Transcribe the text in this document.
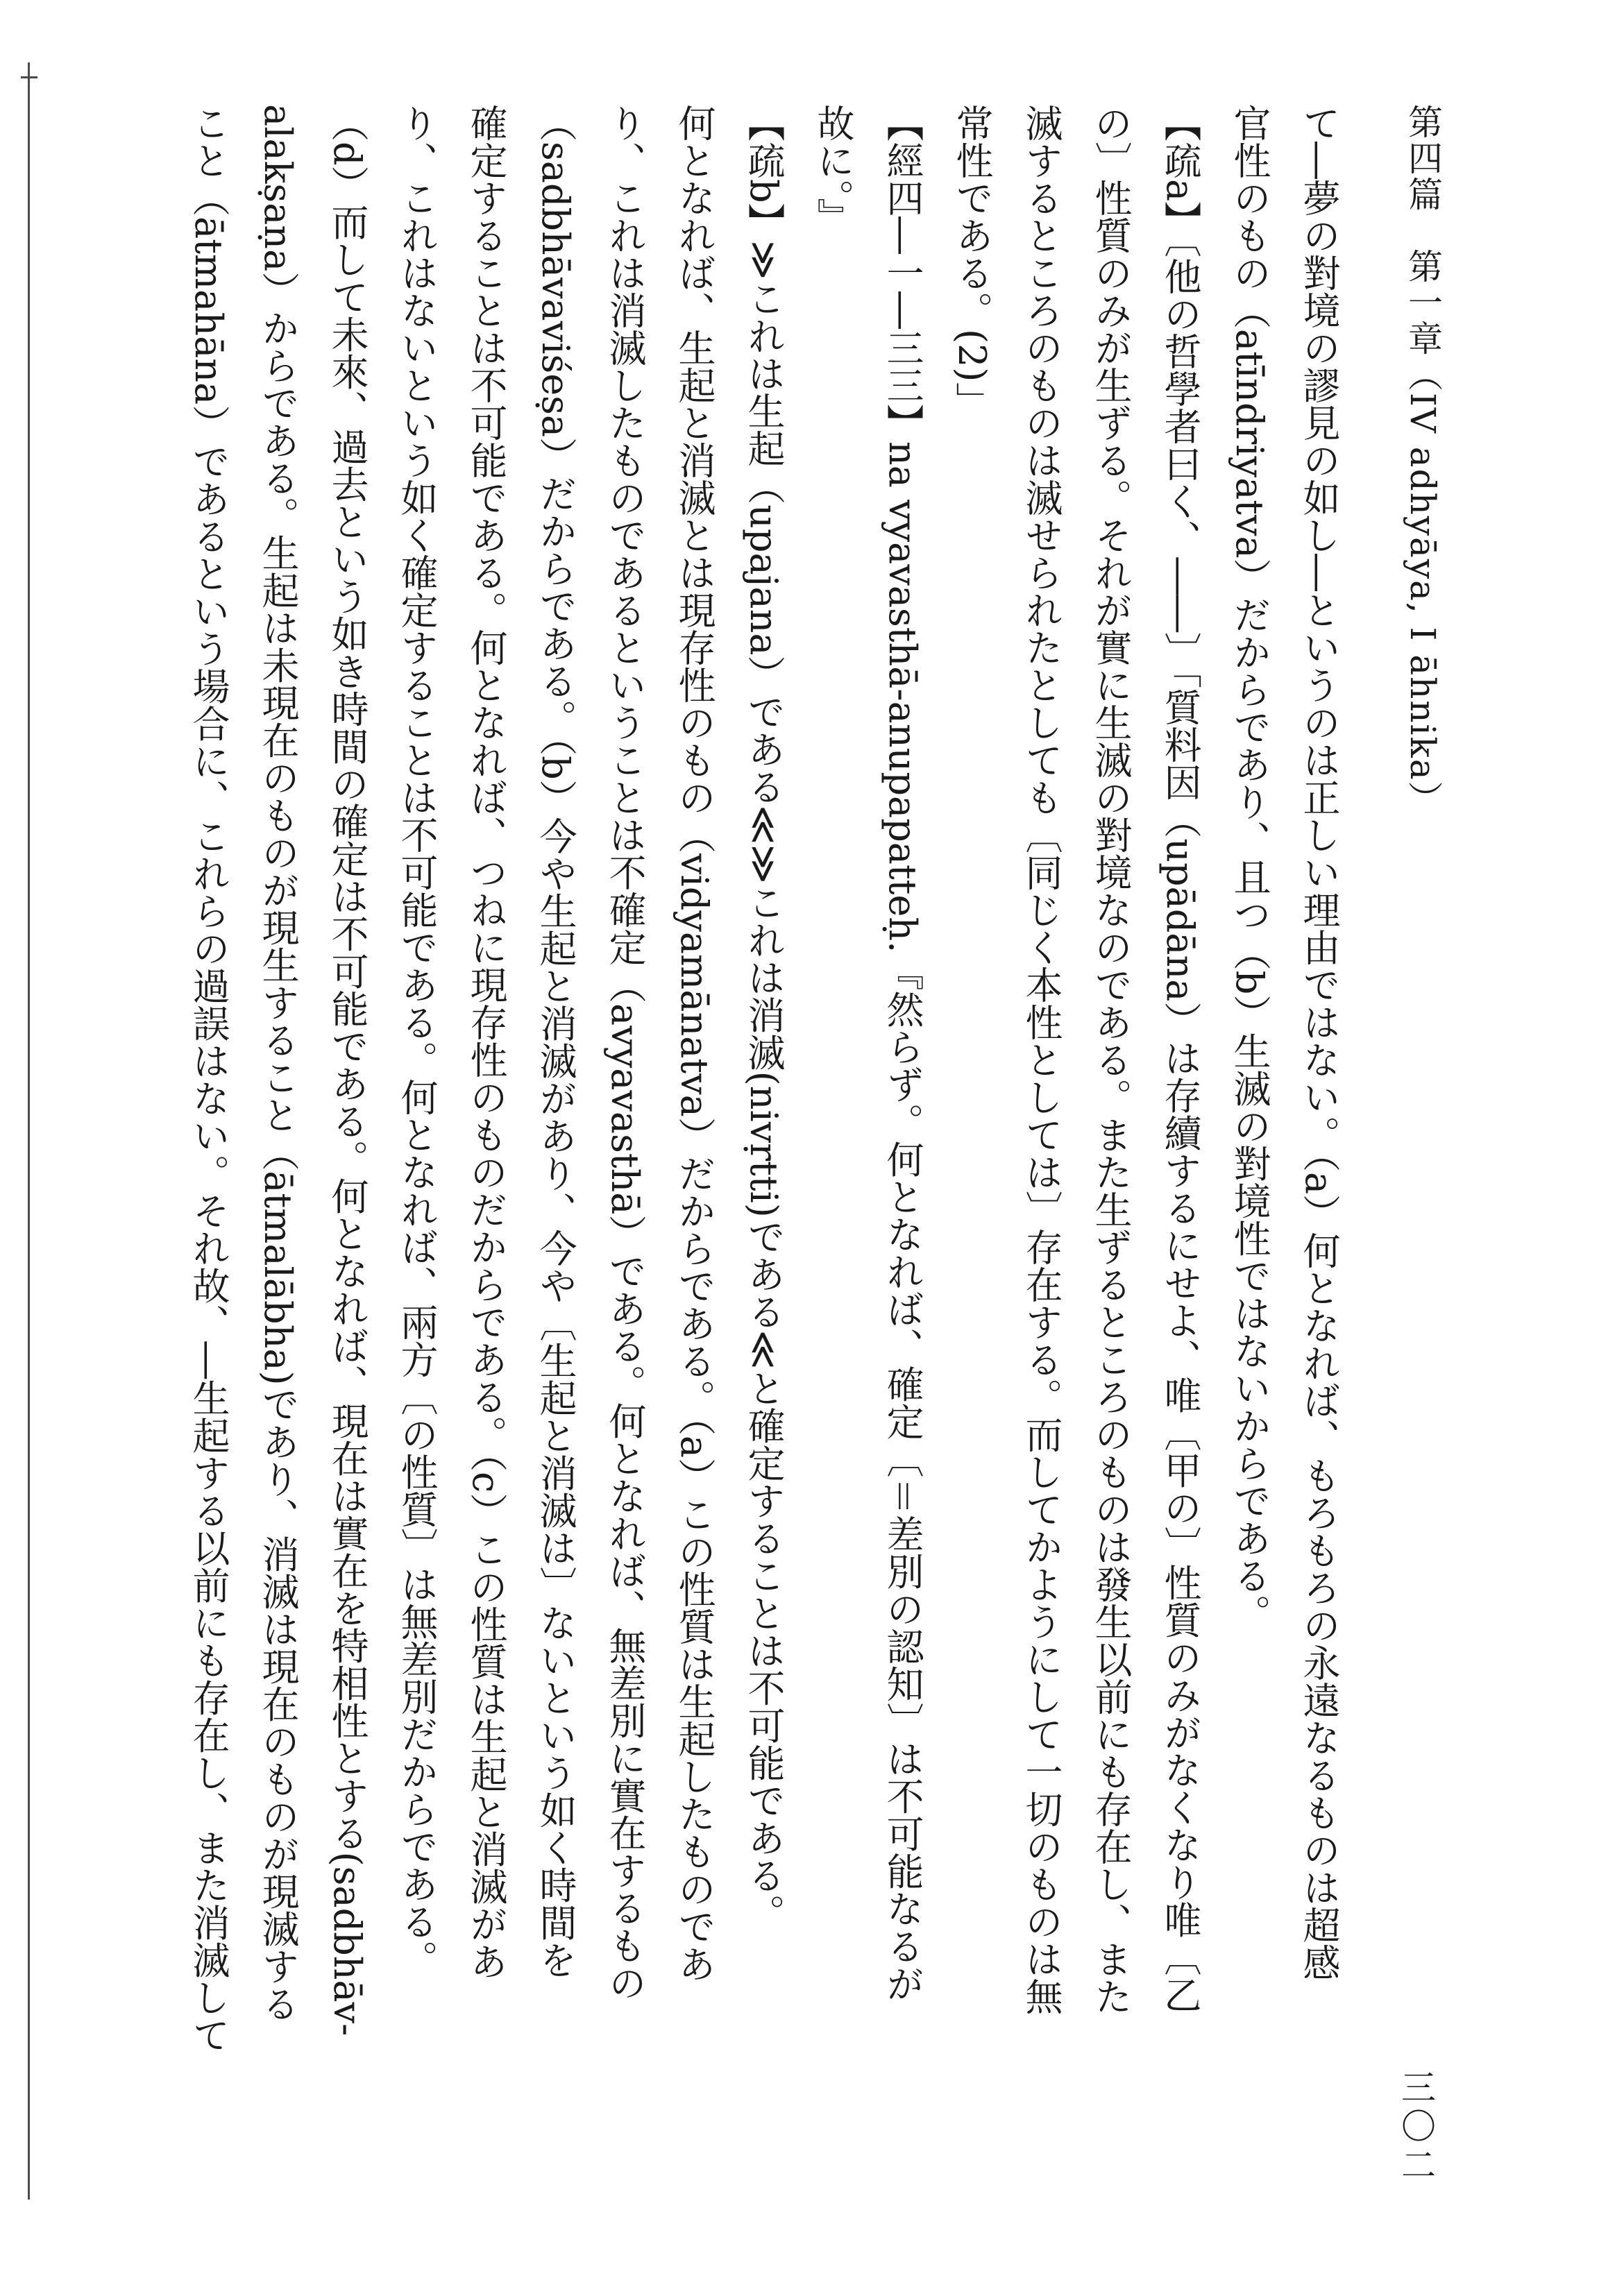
第四篇　第一章（IV adhyāya, I āhnika）
三〇二

て―夢の對境の謬見の如し―というのは正しい理由ではない。（a）何となれば、もろもろの永遠なるものは超感
官性のもの（atīndriyatva）だからであり、且つ（b）生滅の對境性ではないからである。
【疏a】〔他の哲學者曰く、――〕「質料因（upādāna）は存續するにせよ、唯〔甲の〕性質のみがなくなり唯〔乙
の〕性質のみが生ずる。それが實に生滅の對境なのである。また生ずるところのものは發生以前にも存在し、また
滅するところのものは滅せられたとしても〔同じく本性としては〕存在する。而してかようにして一切のものは無
常性である。(2)」
【經四―一―三三】na vyavasthā-anupapatteḥ.『然らず。何となれば、確定〔＝差別の認知〕は不可能なるが
故に。』
【疏b】≫これは生起（upajana）である≪≫これは消滅(nivṛtti)である≪と確定することは不可能である。
何となれば、生起と消滅とは現存性のもの（vidyamānatva）だからである。（a）この性質は生起したものであ
り、これは消滅したものであるということは不確定（avyavasthā）である。何となれば、無差別に實在するもの
（sadbhāvaviśeṣa）だからである。（b）今や生起と消滅があり、今や〔生起と消滅は〕ないという如く時間を
確定することは不可能である。何となれば、つねに現存性のものだからである。（c）この性質は生起と消滅があ
り、これはないという如く確定することは不可能である。何となれば、兩方〔の性質〕は無差別だからである。
（d）而して未來、過去という如き時間の確定は不可能である。何となれば、現在は實在を特相性とする(sadbhāv-
alakṣaṇa）からである。生起は未現在のものが現生すること（ātmalābha)であり、消滅は現在のものが現滅する
こと（ātmahāna）であるという場合に、これらの過誤はない。それ故、―生起する以前にも存在し、また消滅して
